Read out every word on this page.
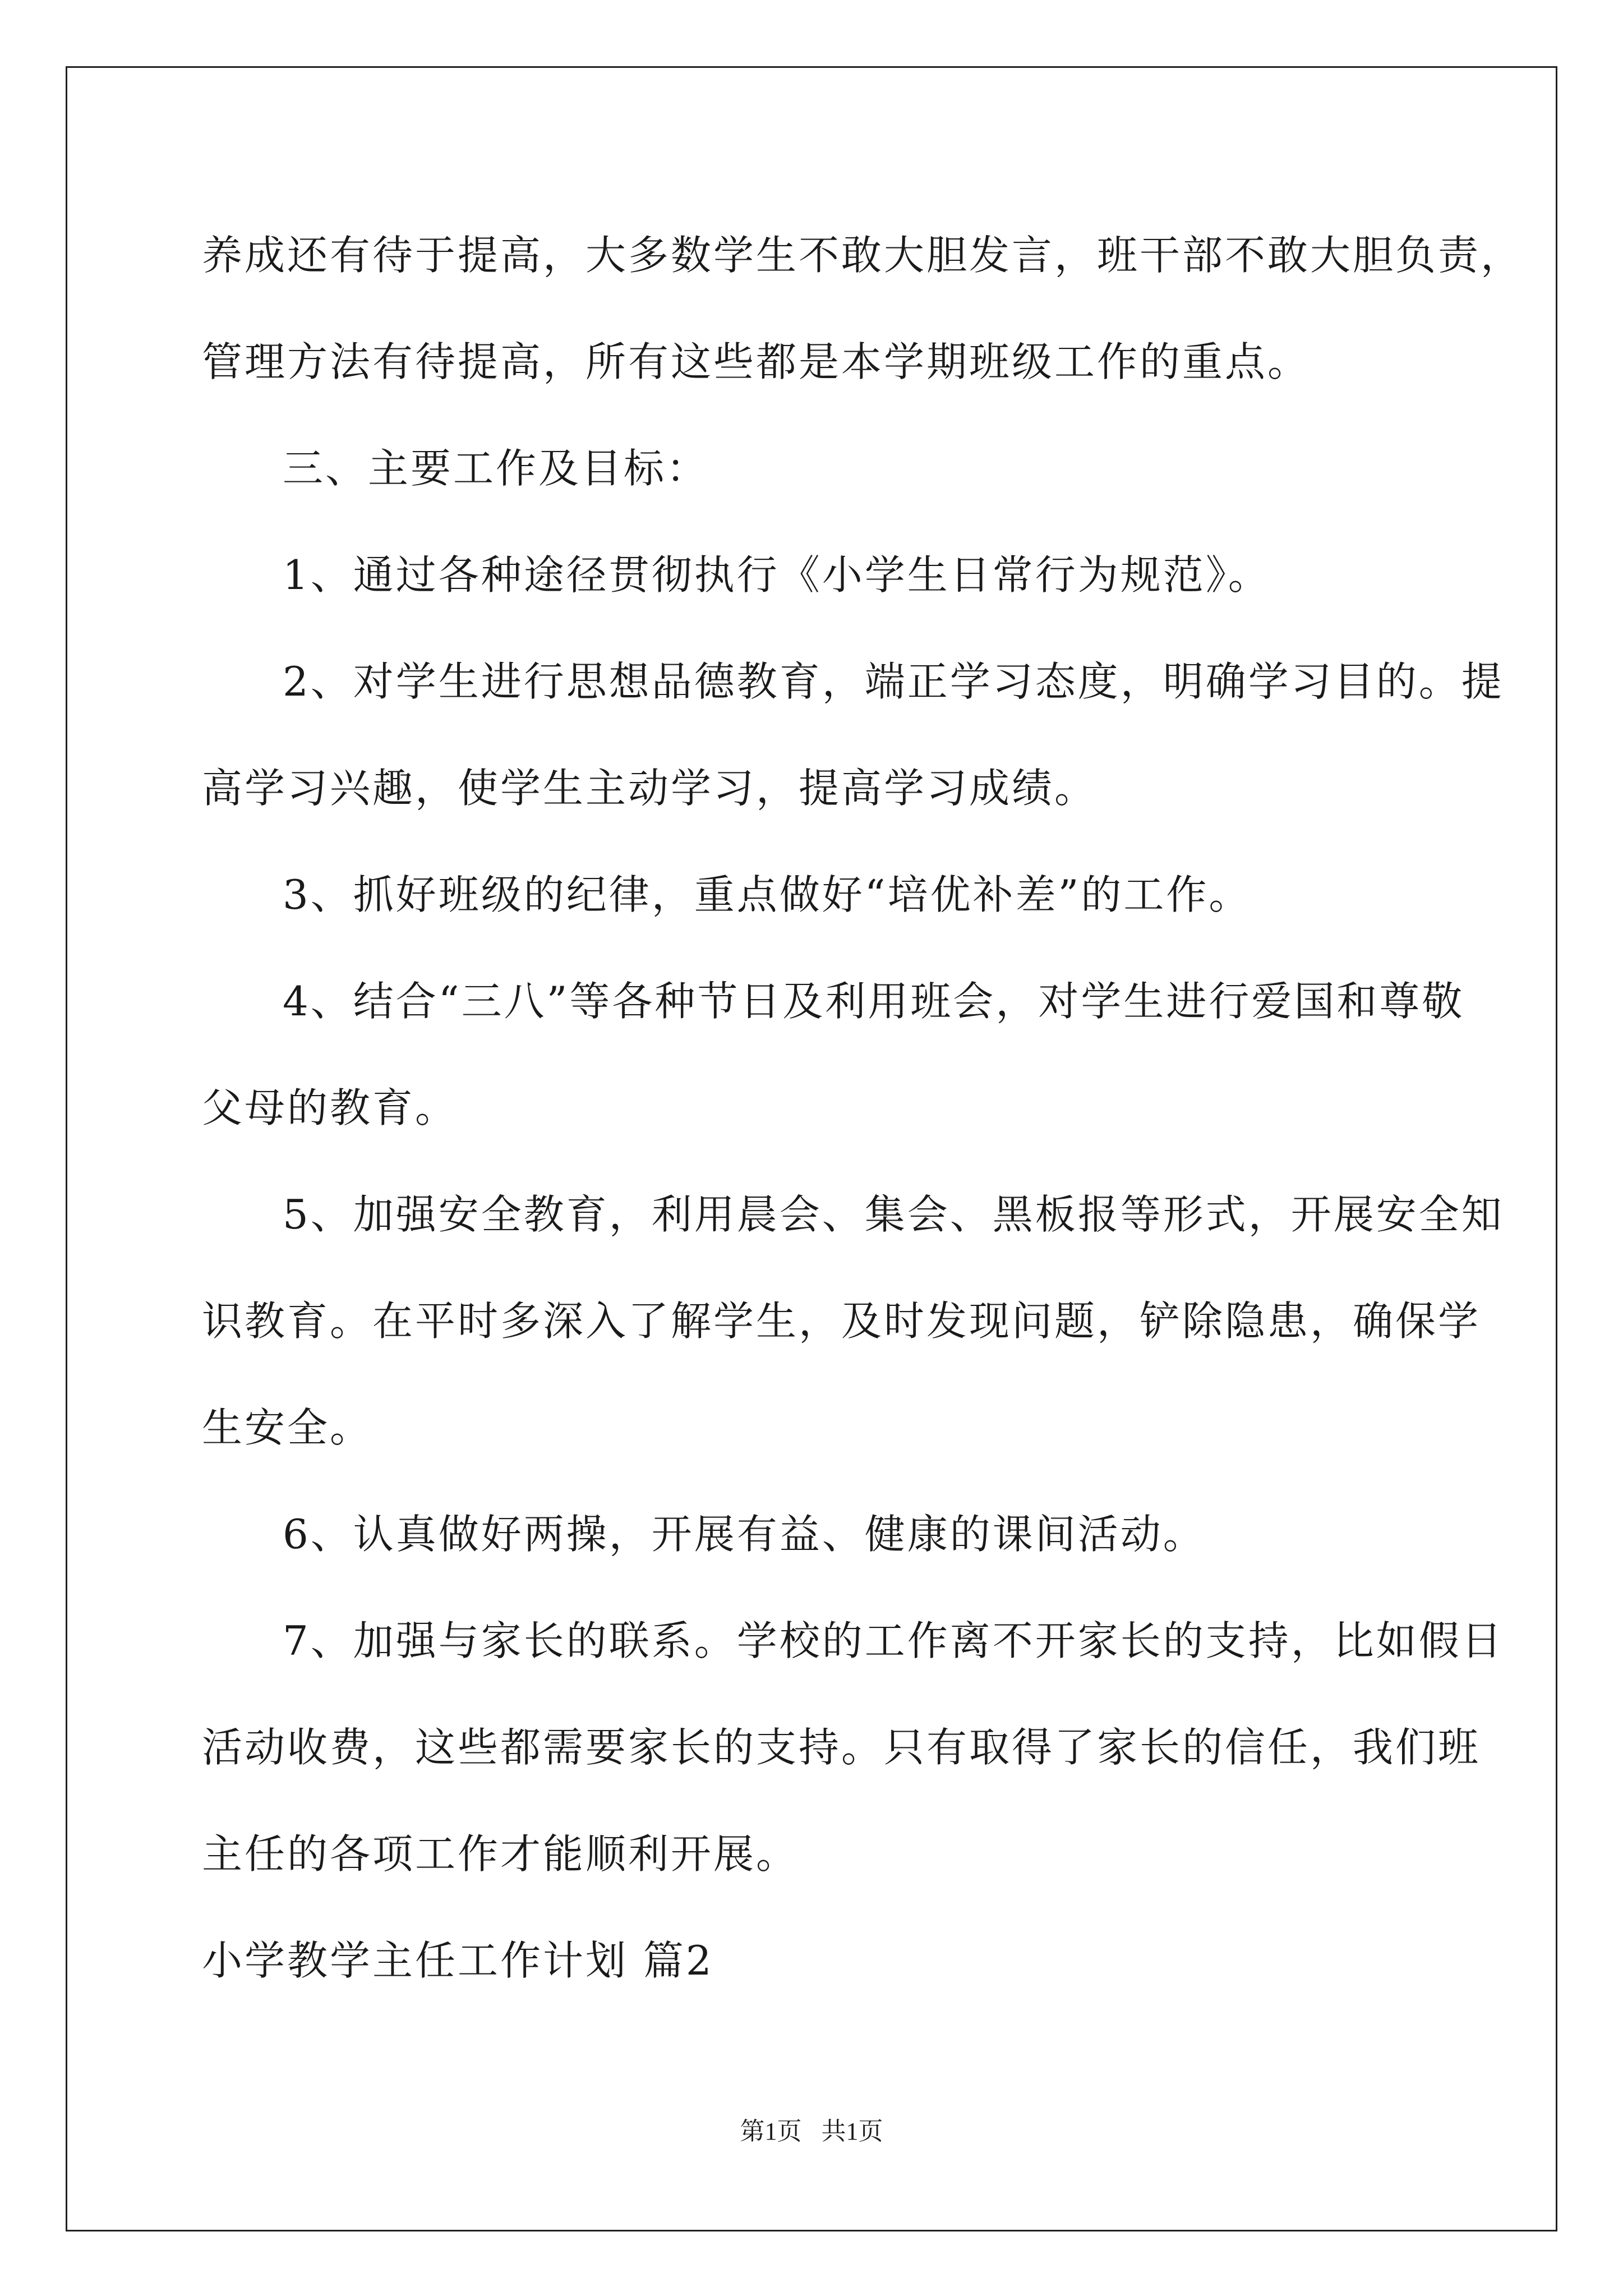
养成还有待于提高，大多数学生不敢大胆发言，班干部不敢大胆负责，

管理方法有待提高，所有这些都是本学期班级工作的重点。

三、主要工作及目标：

1、通过各种途径贯彻执行《小学生日常行为规范》。

2、对学生进行思想品德教育，端正学习态度，明确学习目的。提

高学习兴趣，使学生主动学习，提高学习成绩。

3、抓好班级的纪律，重点做好“培优补差”的工作。

4、结合“三八”等各种节日及利用班会，对学生进行爱国和尊敬

父母的教育。

5、加强安全教育，利用晨会、集会、黑板报等形式，开展安全知

识教育。在平时多深入了解学生，及时发现问题，铲除隐患，确保学

生安全。

6、认真做好两操，开展有益、健康的课间活动。

7、加强与家长的联系。学校的工作离不开家长的支持，比如假日

活动收费，这些都需要家长的支持。只有取得了家长的信任，我们班

主任的各项工作才能顺利开展。

小学教学主任工作计划 篇2

第1页 共1页
